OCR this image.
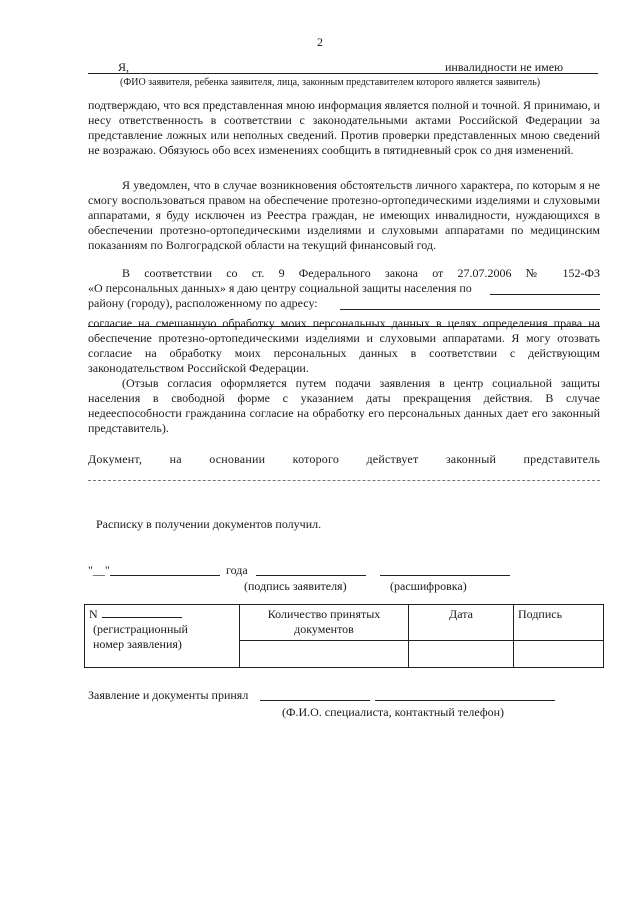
2
Я,	инвалидности не имею
(ФИО заявителя, ребенка заявителя, лица, законным представителем которого является заявитель)
подтверждаю, что вся представленная мною информация является полной и точной. Я принимаю, и несу ответственность в соответствии с законодательными актами Российской Федерации за представление ложных или неполных сведений. Против проверки представленных мною сведений не возражаю. Обязуюсь обо всех изменениях сообщить в пятидневный срок со дня изменений.
Я уведомлен, что в случае возникновения обстоятельств личного характера, по которым я не смогу воспользоваться правом на обеспечение протезно-ортопедическими изделиями и слуховыми аппаратами, я буду исключен из Реестра граждан, не имеющих инвалидности, нуждающихся в обеспечении протезно-ортопедическими изделиями и слуховыми аппаратами по медицинским показаниям по Волгоградской области на текущий финансовый год.
В соответствии со ст. 9 Федерального закона от 27.07.2006 № 152-ФЗ
«О персональных данных» я даю центру социальной защиты населения по
району (городу), расположенному по адресу:
согласие на смешанную обработку моих персональных данных в целях определения права на обеспечение протезно-ортопедическими изделиями и слуховыми аппаратами. Я могу отозвать согласие на обработку моих персональных данных в соответствии с действующим законодательством Российской Федерации.
(Отзыв согласия оформляется путем подачи заявления в центр социальной защиты населения в свободной форме с указанием даты прекращения действия. В случае недееспособности гражданина согласие на обработку его персональных данных дает его законный представитель).
Документ, на основании которого действует законный представитель
Расписку в получении документов получил.
"__"	года
(подпись заявителя)	(расшифровка)
N
(регистрационный
номер заявления)	Количество принятых документов	Дата	Подпись

Заявление и документы принял
(Ф.И.О. специалиста, контактный телефон)
